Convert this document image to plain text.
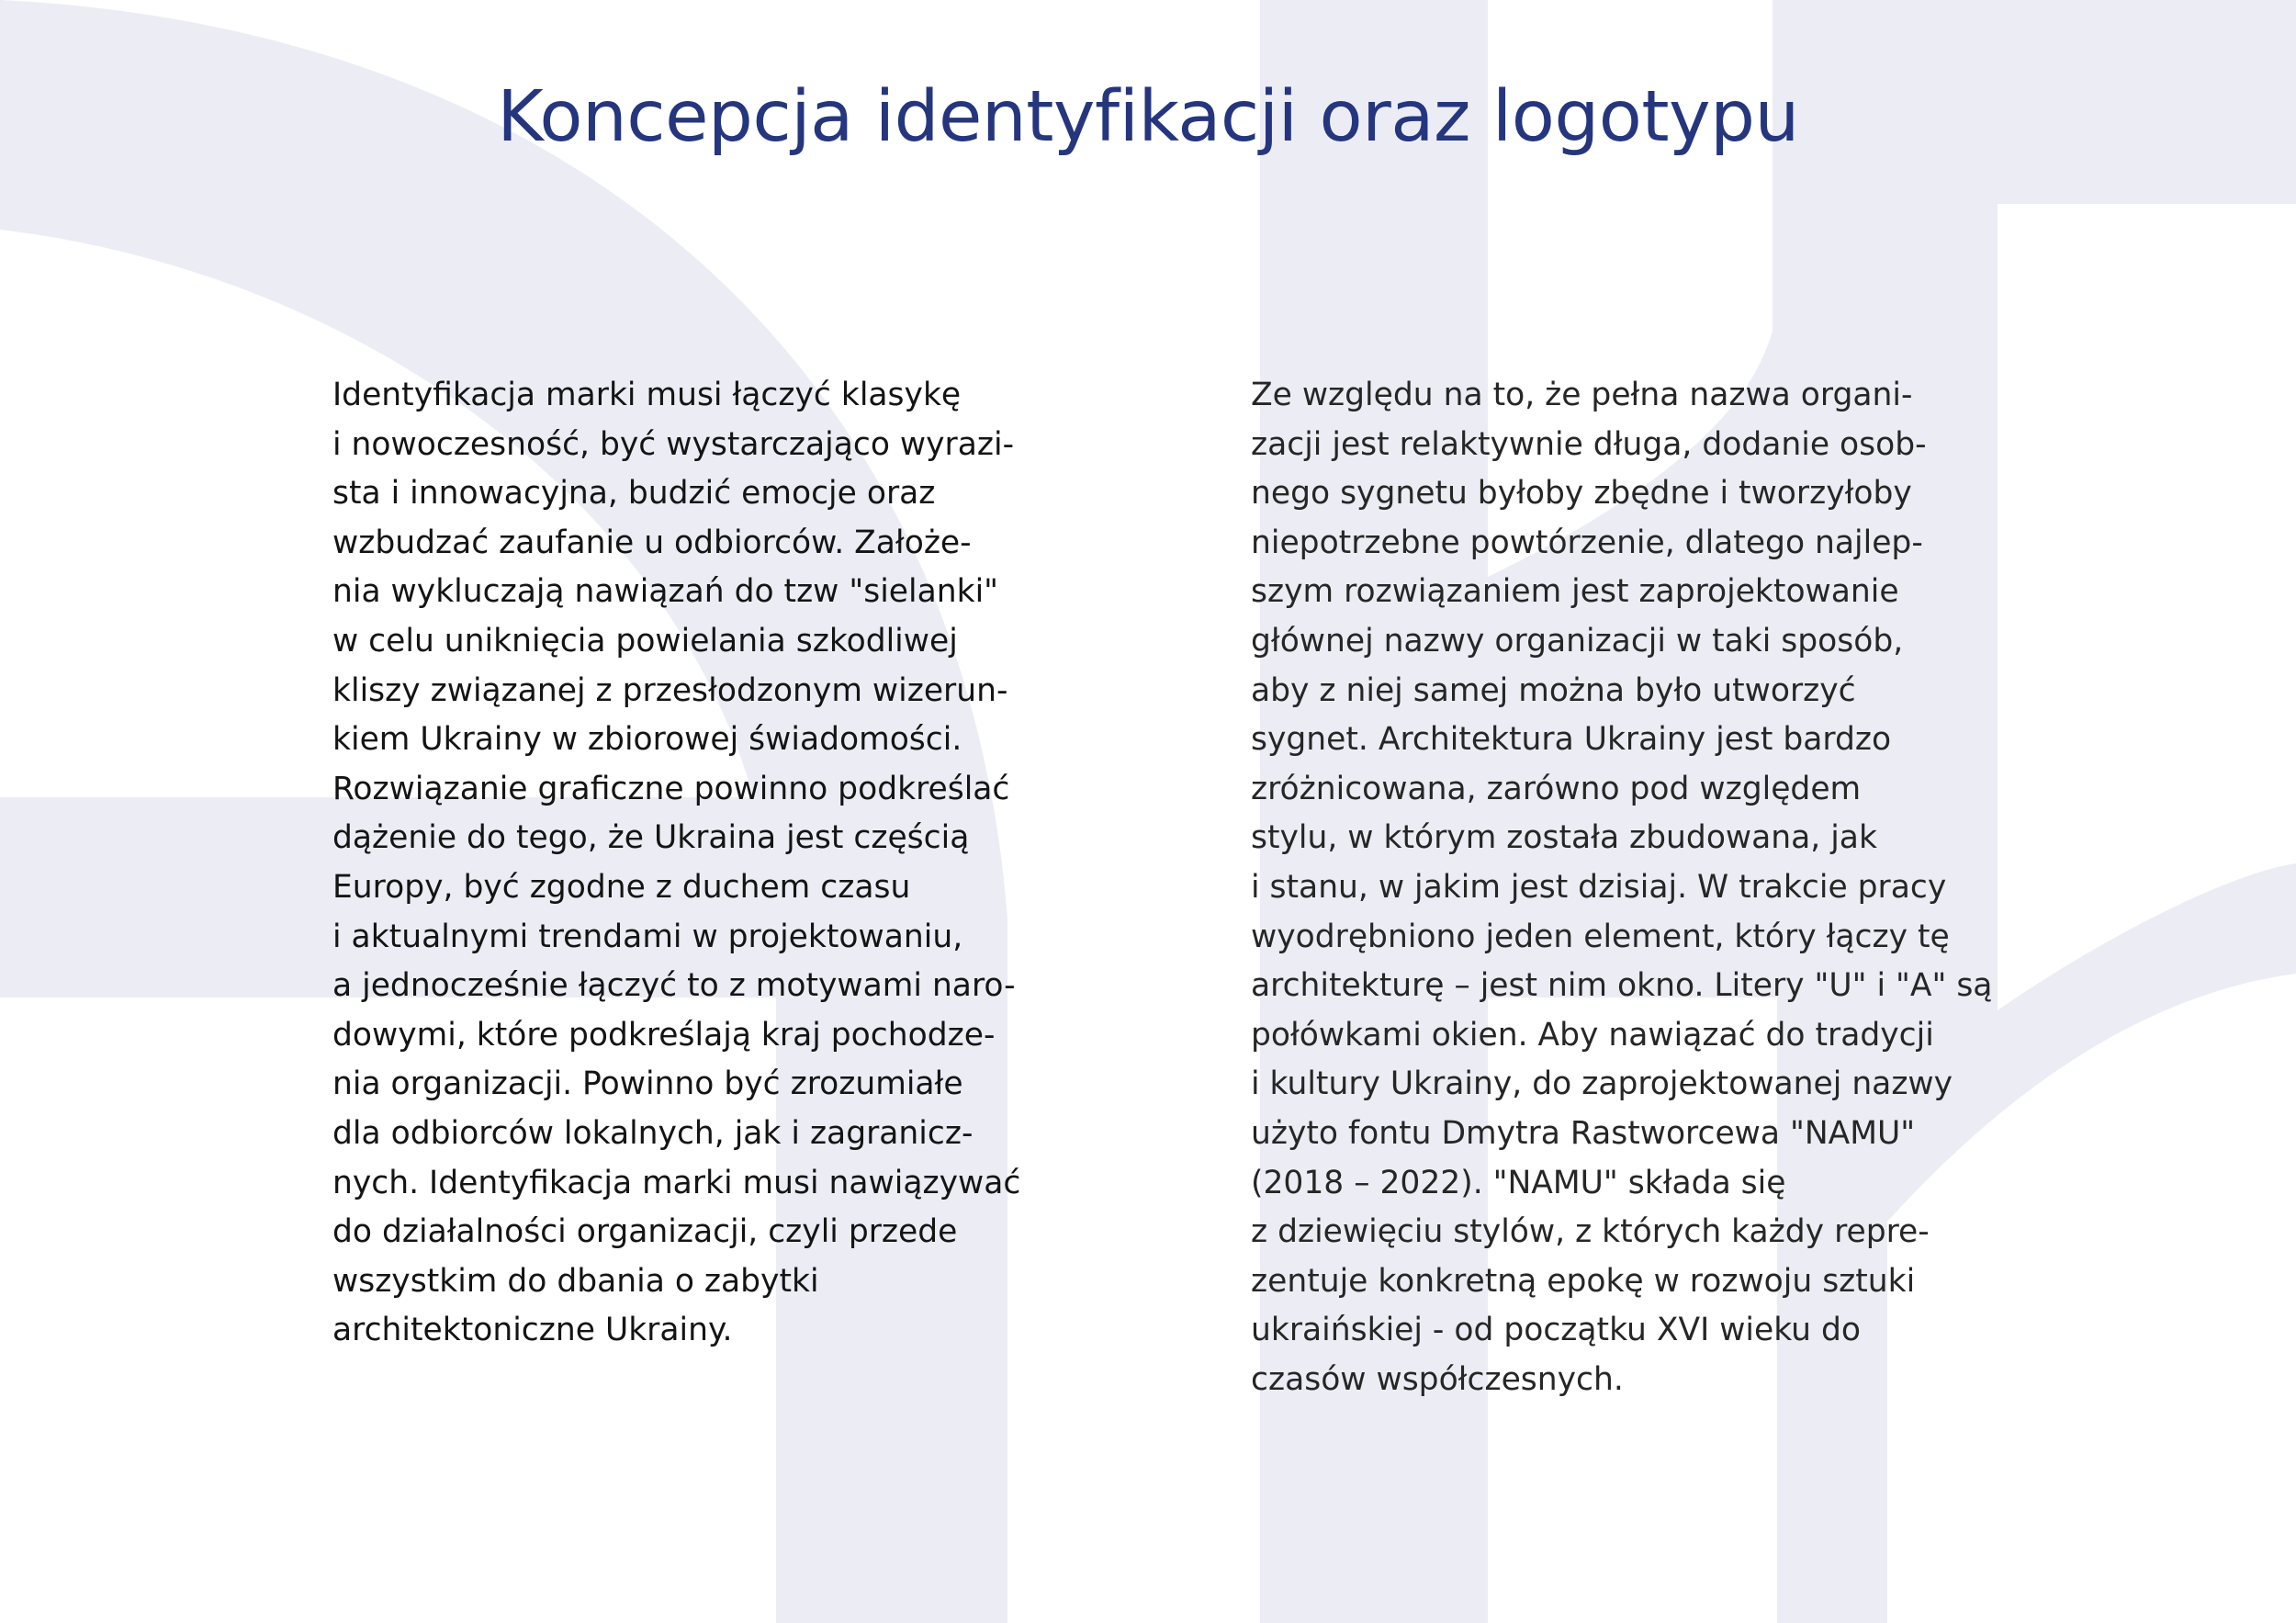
Koncepcja identyfikacji oraz logotypu
Identyfikacja marki musi łączyć klasykę
i nowoczesność, być wystarczająco wyrazi-
sta i innowacyjna, budzić emocje oraz
wzbudzać zaufanie u odbiorców. Założe-
nia wykluczają nawiązań do tzw "sielanki"
w celu uniknięcia powielania szkodliwej
kliszy związanej z przesłodzonym wizerun-
kiem Ukrainy w zbiorowej świadomości.
Rozwiązanie graficzne powinno podkreślać
dążenie do tego, że Ukraina jest częścią
Europy, być zgodne z duchem czasu
i aktualnymi trendami w projektowaniu,
a jednocześnie łączyć to z motywami naro-
dowymi, które podkreślają kraj pochodze-
nia organizacji. Powinno być zrozumiałe
dla odbiorców lokalnych, jak i zagranicz-
nych. Identyfikacja marki musi nawiązywać
do działalności organizacji, czyli przede
wszystkim do dbania o zabytki
architektoniczne Ukrainy.
Ze względu na to, że pełna nazwa organi-
zacji jest relaktywnie długa, dodanie osob-
nego sygnetu byłoby zbędne i tworzyłoby
niepotrzebne powtórzenie, dlatego najlep-
szym rozwiązaniem jest zaprojektowanie
głównej nazwy organizacji w taki sposób,
aby z niej samej można było utworzyć
sygnet. Architektura Ukrainy jest bardzo
zróżnicowana, zarówno pod względem
stylu, w którym została zbudowana, jak
i stanu, w jakim jest dzisiaj. W trakcie pracy
wyodrębniono jeden element, który łączy tę
architekturę – jest nim okno. Litery "U" i "A" są
połówkami okien. Aby nawiązać do tradycji
i kultury Ukrainy, do zaprojektowanej nazwy
użyto fontu Dmytra Rastworcewa "NAMU"
(2018 – 2022). "NAMU" składa się
z dziewięciu stylów, z których każdy repre-
zentuje konkretną epokę w rozwoju sztuki
ukraińskiej - od początku XVI wieku do
czasów współczesnych.
